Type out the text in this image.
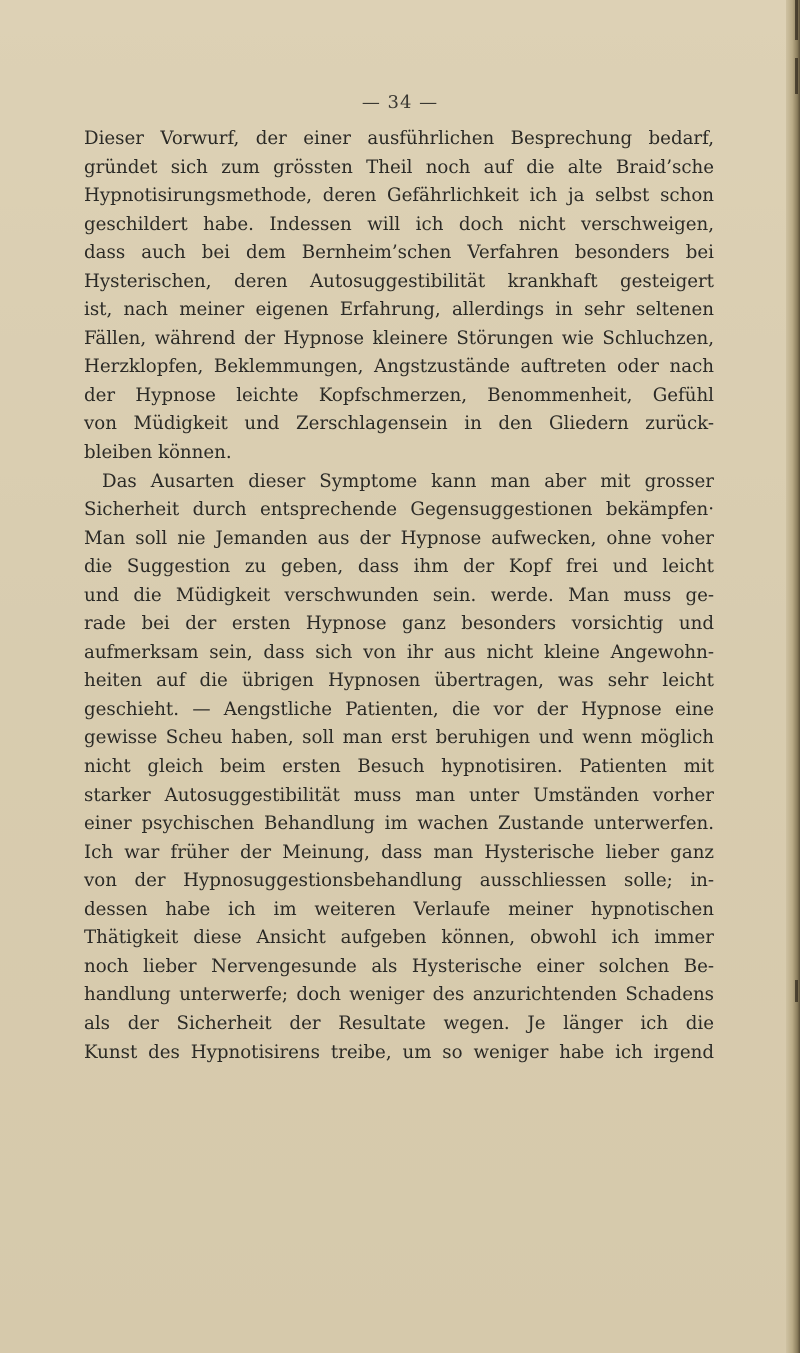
— 34 —
Dieser Vorwurf, der einer ausführlichen Besprechung bedarf,
gründet sich zum grössten Theil noch auf die alte Braid’sche
Hypnotisirungsmethode, deren Gefährlichkeit ich ja selbst schon
geschildert habe. Indessen will ich doch nicht verschweigen,
dass auch bei dem Bernheim’schen Verfahren besonders bei
Hysterischen, deren Autosuggestibilität krankhaft gesteigert
ist, nach meiner eigenen Erfahrung, allerdings in sehr seltenen
Fällen, während der Hypnose kleinere Störungen wie Schluchzen,
Herzklopfen, Beklemmungen, Angstzustände auftreten oder nach
der Hypnose leichte Kopfschmerzen, Benommenheit, Gefühl
von Müdigkeit und Zerschlagensein in den Gliedern zurück-
bleiben können.
Das Ausarten dieser Symptome kann man aber mit grosser
Sicherheit durch entsprechende Gegensuggestionen bekämpfen·
Man soll nie Jemanden aus der Hypnose aufwecken, ohne voher
die Suggestion zu geben, dass ihm der Kopf frei und leicht
und die Müdigkeit verschwunden sein. werde. Man muss ge-
rade bei der ersten Hypnose ganz besonders vorsichtig und
aufmerksam sein, dass sich von ihr aus nicht kleine Angewohn-
heiten auf die übrigen Hypnosen übertragen, was sehr leicht
geschieht. — Aengstliche Patienten, die vor der Hypnose eine
gewisse Scheu haben, soll man erst beruhigen und wenn möglich
nicht gleich beim ersten Besuch hypnotisiren. Patienten mit
starker Autosuggestibilität muss man unter Umständen vorher
einer psychischen Behandlung im wachen Zustande unterwerfen.
Ich war früher der Meinung, dass man Hysterische lieber ganz
von der Hypnosuggestionsbehandlung ausschliessen solle; in-
dessen habe ich im weiteren Verlaufe meiner hypnotischen
Thätigkeit diese Ansicht aufgeben können, obwohl ich immer
noch lieber Nervengesunde als Hysterische einer solchen Be-
handlung unterwerfe; doch weniger des anzurichtenden Schadens
als der Sicherheit der Resultate wegen. Je länger ich die
Kunst des Hypnotisirens treibe, um so weniger habe ich irgend
